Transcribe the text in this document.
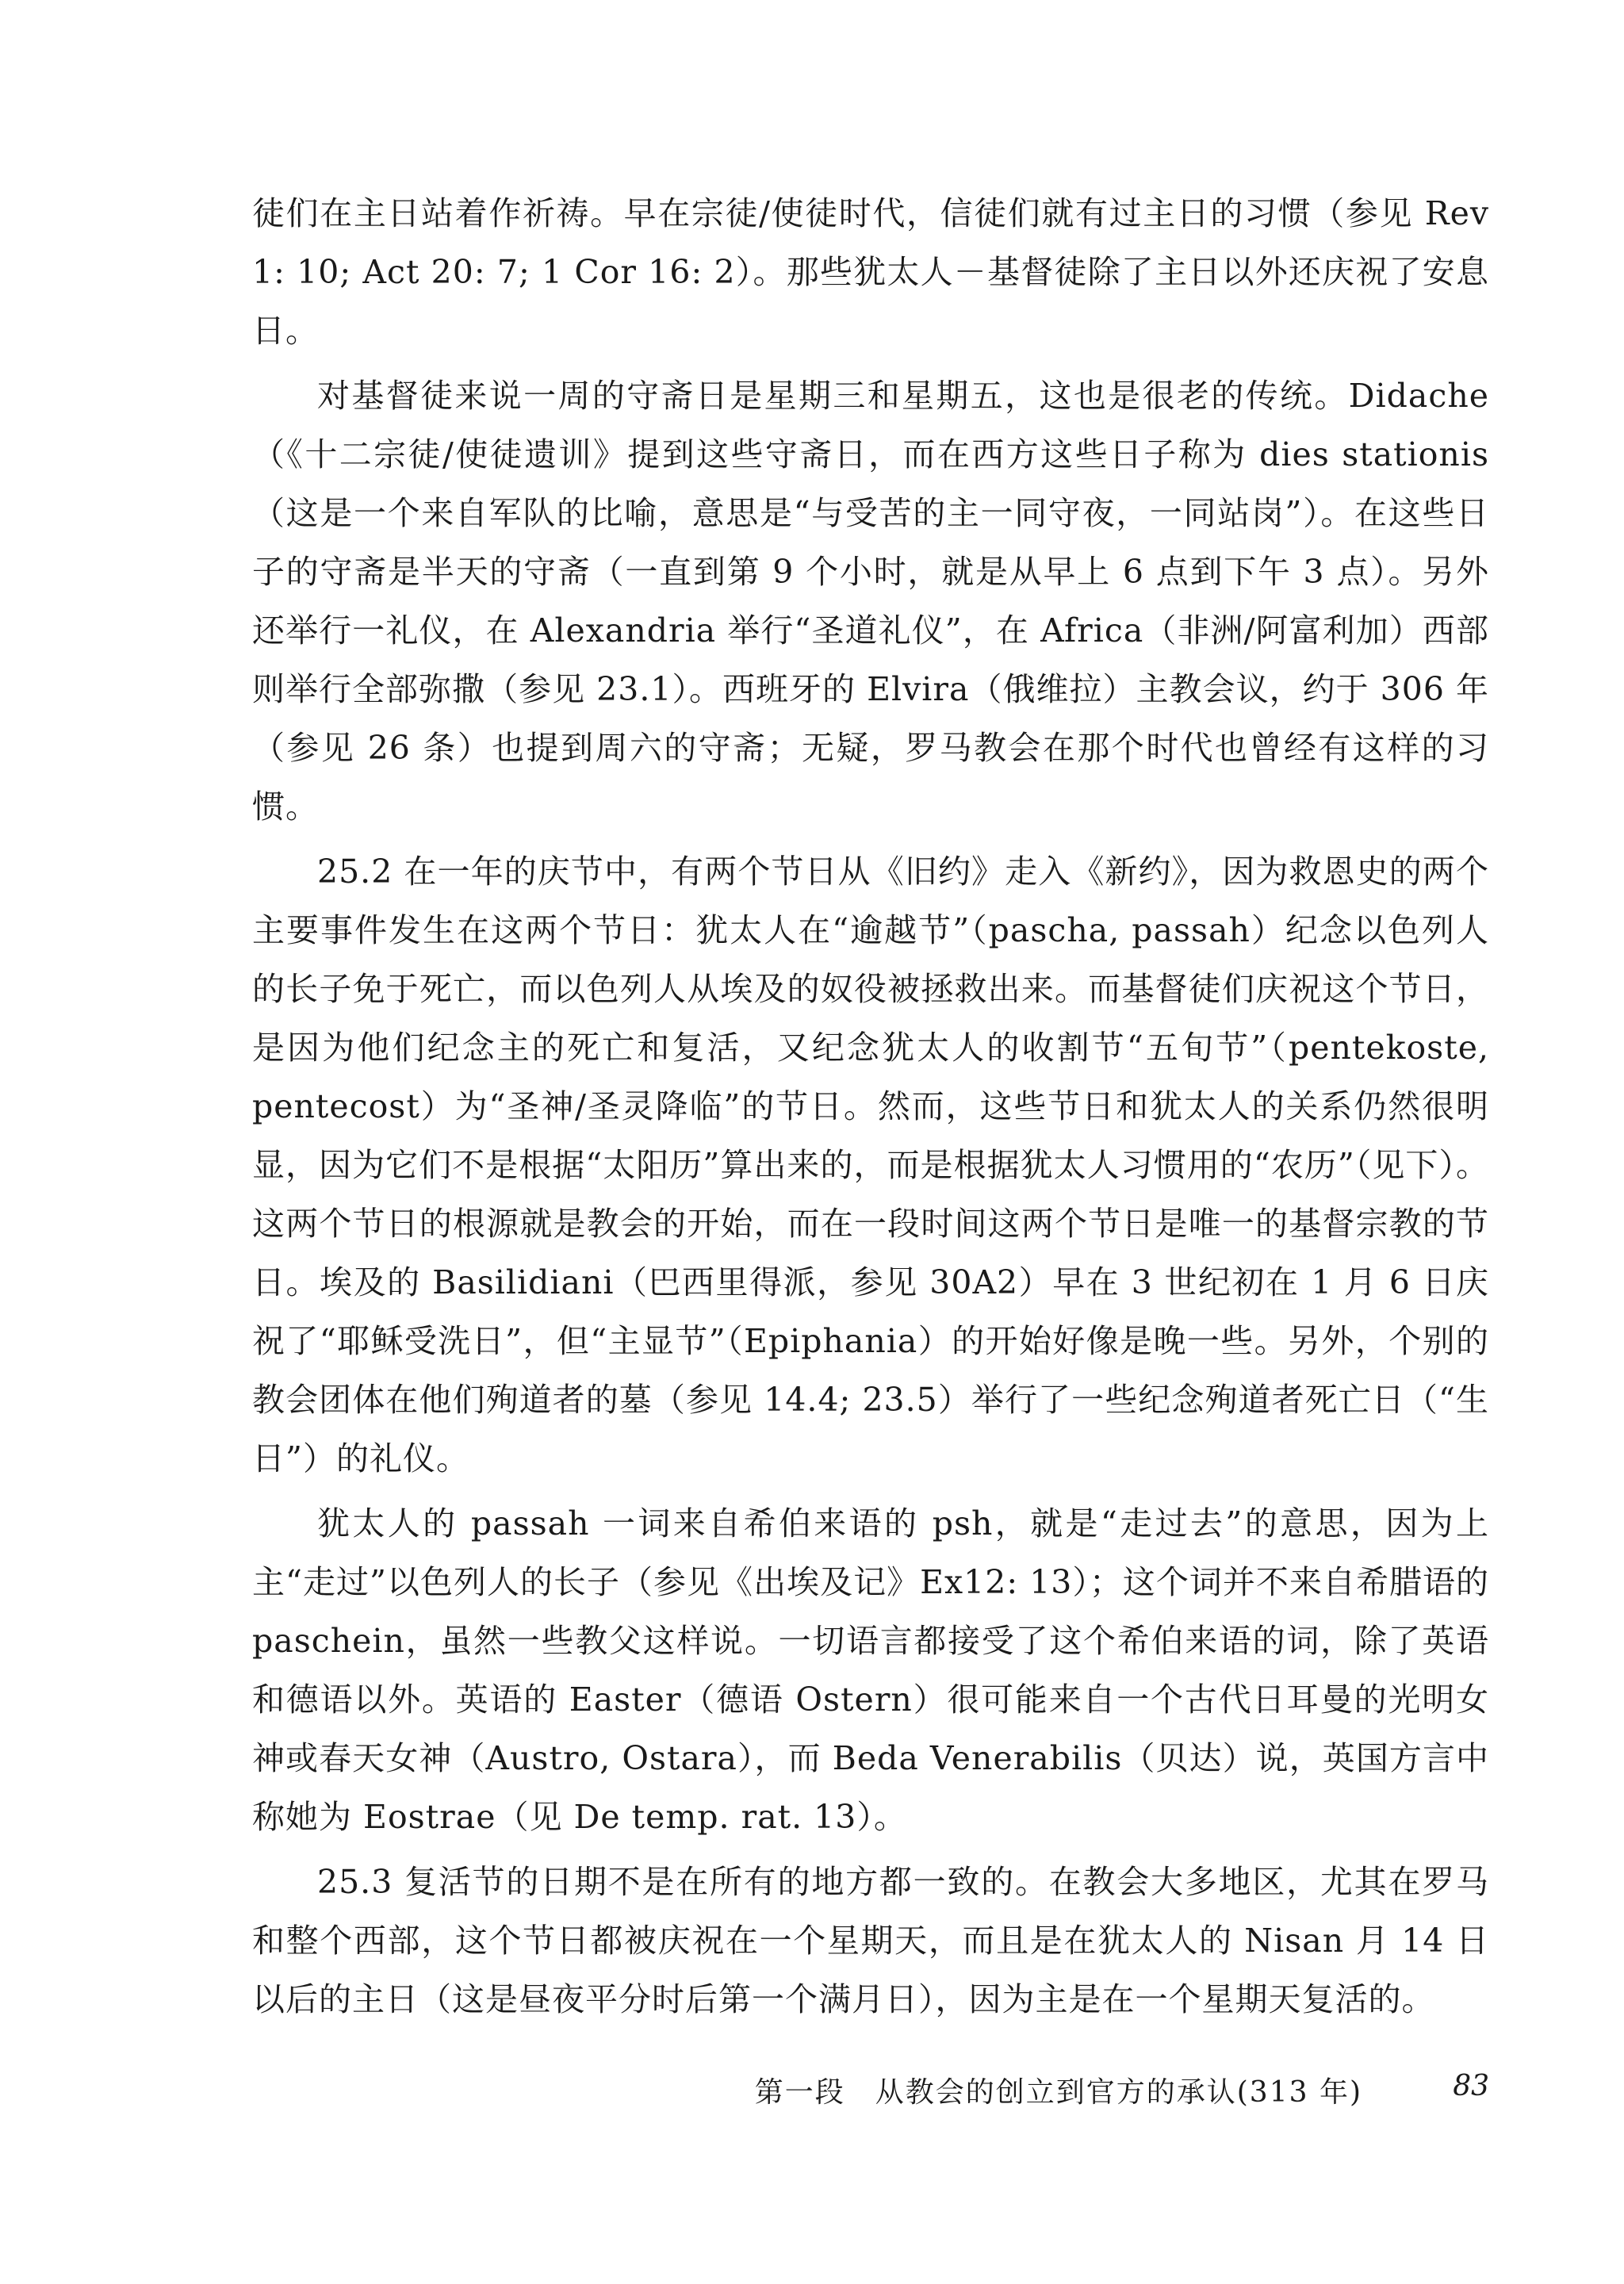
徒们在主日站着作祈祷。早在宗徒/使徒时代，信徒们就有过主日的习惯（参见 Rev 1: 10; Act 20: 7; 1 Cor 16: 2）。那些犹太人－基督徒除了主日以外还庆祝了安息日。

对基督徒来说一周的守斋日是星期三和星期五，这也是很老的传统。Didache（《十二宗徒/使徒遗训》提到这些守斋日，而在西方这些日子称为 dies stationis（这是一个来自军队的比喻，意思是“与受苦的主一同守夜，一同站岗”）。在这些日子的守斋是半天的守斋（一直到第 9 个小时，就是从早上 6 点到下午 3 点）。另外还举行一礼仪，在 Alexandria 举行“圣道礼仪”，在 Africa（非洲/阿富利加）西部则举行全部弥撒（参见 23.1）。西班牙的 Elvira（俄维拉）主教会议，约于 306 年（参见 26 条）也提到周六的守斋；无疑，罗马教会在那个时代也曾经有这样的习惯。

25.2 在一年的庆节中，有两个节日从《旧约》走入《新约》，因为救恩史的两个主要事件发生在这两个节日：犹太人在“逾越节”（pascha, passah）纪念以色列人的长子免于死亡，而以色列人从埃及的奴役被拯救出来。而基督徒们庆祝这个节日，是因为他们纪念主的死亡和复活，又纪念犹太人的收割节“五旬节”（pentekoste, pentecost）为“圣神/圣灵降临”的节日。然而，这些节日和犹太人的关系仍然很明显，因为它们不是根据“太阳历”算出来的，而是根据犹太人习惯用的“农历”（见下）。这两个节日的根源就是教会的开始，而在一段时间这两个节日是唯一的基督宗教的节日。埃及的 Basilidiani（巴西里得派，参见 30A2）早在 3 世纪初在 1 月 6 日庆祝了“耶稣受洗日”，但“主显节”（Epiphania）的开始好像是晚一些。另外，个别的教会团体在他们殉道者的墓（参见 14.4; 23.5）举行了一些纪念殉道者死亡日（“生日”）的礼仪。

犹太人的 passah 一词来自希伯来语的 psh，就是“走过去”的意思，因为上主“走过”以色列人的长子（参见《出埃及记》Ex12: 13）；这个词并不来自希腊语的 paschein，虽然一些教父这样说。一切语言都接受了这个希伯来语的词，除了英语和德语以外。英语的 Easter（德语 Ostern）很可能来自一个古代日耳曼的光明女神或春天女神（Austro, Ostara），而 Beda Venerabilis（贝达）说，英国方言中称她为 Eostrae（见 De temp. rat. 13）。

25.3 复活节的日期不是在所有的地方都一致的。在教会大多地区，尤其在罗马和整个西部，这个节日都被庆祝在一个星期天，而且是在犹太人的 Nisan 月 14 日以后的主日（这是昼夜平分时后第一个满月日），因为主是在一个星期天复活的。

第一段　从教会的创立到官方的承认(313 年)	83
